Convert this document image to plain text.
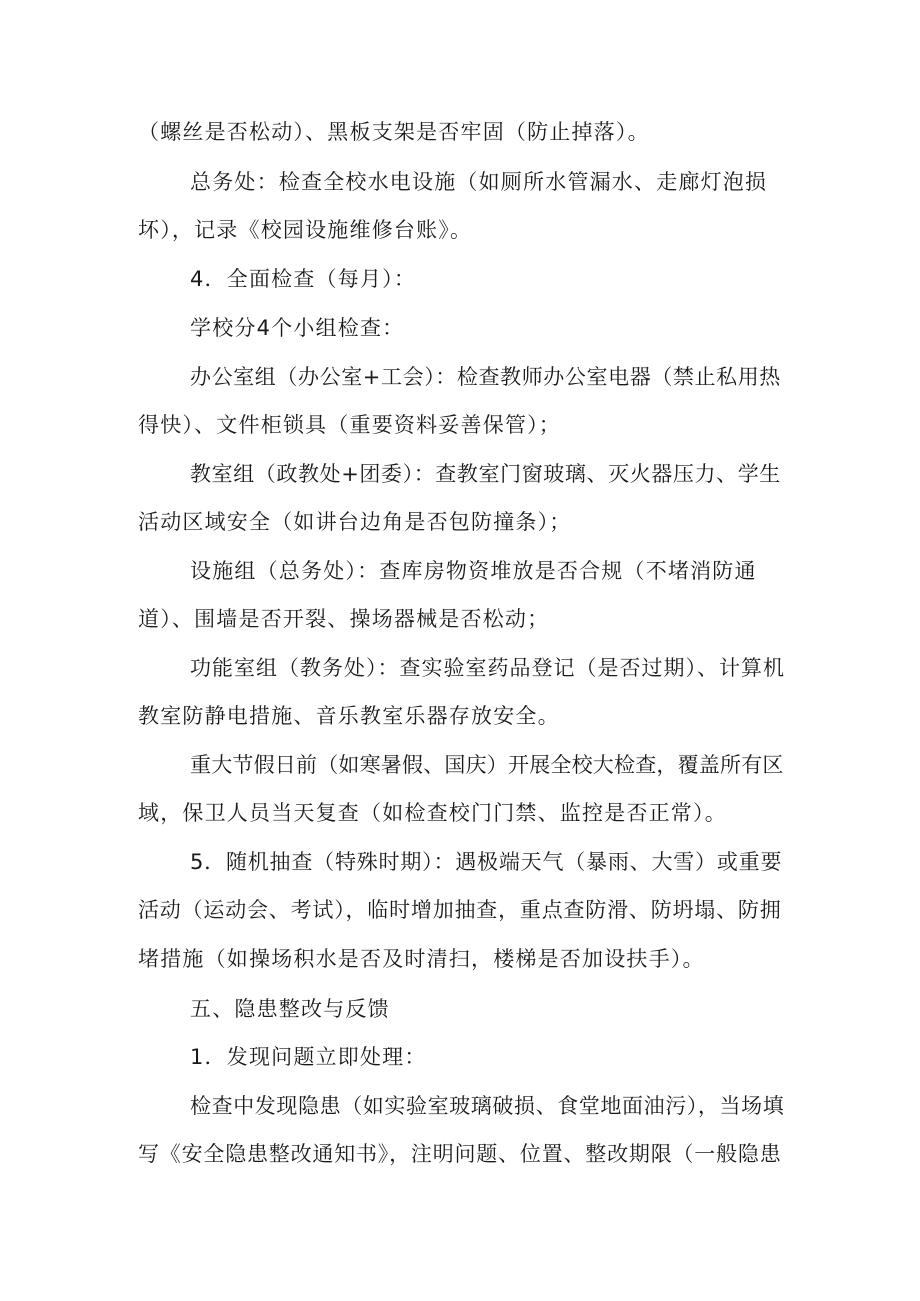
（螺丝是否松动）、黑板支架是否牢固（防止掉落）。
总务处：检查全校水电设施（如厕所水管漏水、走廊灯泡损
坏），记录《校园设施维修台账》。
4．全面检查（每月）：
学校分4个小组检查：
办公室组（办公室+工会）：检查教师办公室电器（禁止私用热
得快）、文件柜锁具（重要资料妥善保管）；
教室组（政教处+团委）：查教室门窗玻璃、灭火器压力、学生
活动区域安全（如讲台边角是否包防撞条）；
设施组（总务处）：查库房物资堆放是否合规（不堵消防通
道）、围墙是否开裂、操场器械是否松动；
功能室组（教务处）：查实验室药品登记（是否过期）、计算机
教室防静电措施、音乐教室乐器存放安全。
重大节假日前（如寒暑假、国庆）开展全校大检查，覆盖所有区
域，保卫人员当天复查（如检查校门门禁、监控是否正常）。
5．随机抽查（特殊时期）：遇极端天气（暴雨、大雪）或重要
活动（运动会、考试），临时增加抽查，重点查防滑、防坍塌、防拥
堵措施（如操场积水是否及时清扫，楼梯是否加设扶手）。
五、隐患整改与反馈
1．发现问题立即处理：
检查中发现隐患（如实验室玻璃破损、食堂地面油污），当场填
写《安全隐患整改通知书》，注明问题、位置、整改期限（一般隐患
